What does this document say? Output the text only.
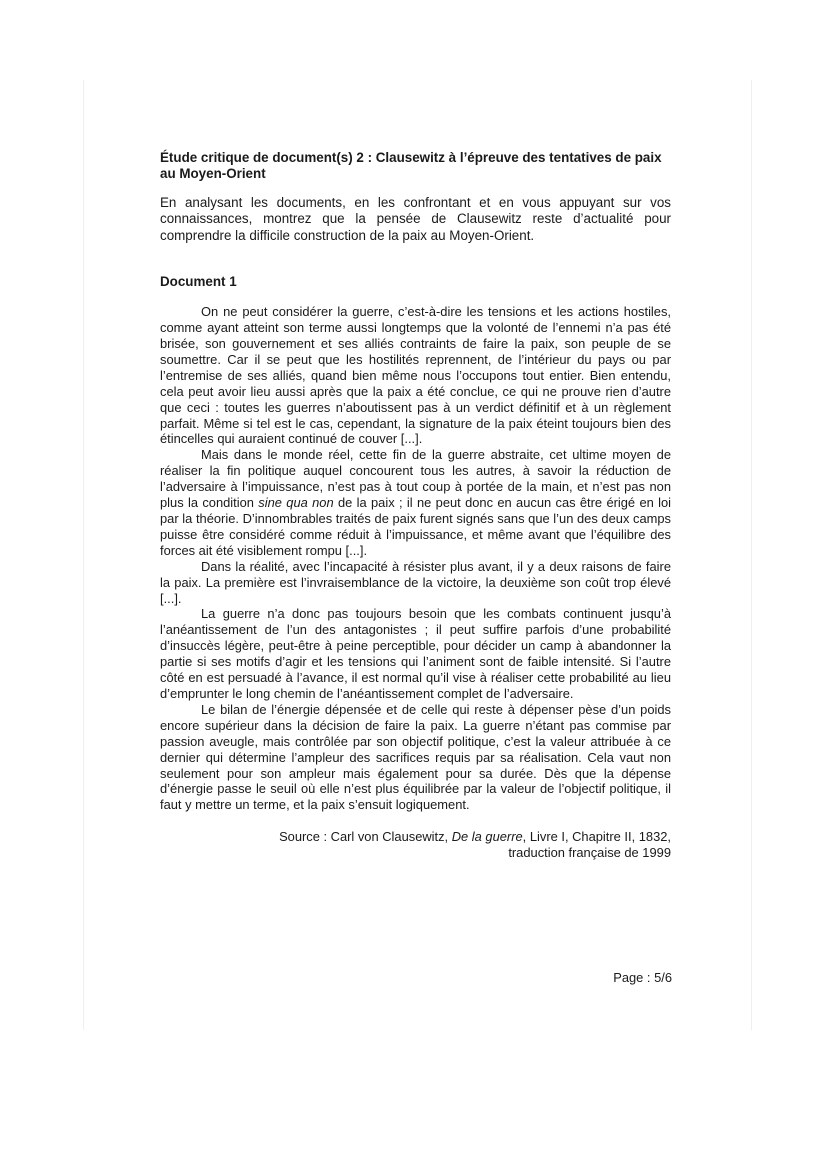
Étude critique de document(s) 2 : Clausewitz à l’épreuve des tentatives de paix au Moyen-Orient

En analysant les documents, en les confrontant et en vous appuyant sur vos connaissances, montrez que la pensée de Clausewitz reste d’actualité pour comprendre la difficile construction de la paix au Moyen-Orient.

Document 1

On ne peut considérer la guerre, c’est-à-dire les tensions et les actions hostiles, comme ayant atteint son terme aussi longtemps que la volonté de l’ennemi n’a pas été brisée, son gouvernement et ses alliés contraints de faire la paix, son peuple de se soumettre. Car il se peut que les hostilités reprennent, de l’intérieur du pays ou par l’entremise de ses alliés, quand bien même nous l’occupons tout entier. Bien entendu, cela peut avoir lieu aussi après que la paix a été conclue, ce qui ne prouve rien d’autre que ceci : toutes les guerres n’aboutissent pas à un verdict définitif et à un règlement parfait. Même si tel est le cas, cependant, la signature de la paix éteint toujours bien des étincelles qui auraient continué de couver [...].

Mais dans le monde réel, cette fin de la guerre abstraite, cet ultime moyen de réaliser la fin politique auquel concourent tous les autres, à savoir la réduction de l’adversaire à l’impuissance, n’est pas à tout coup à portée de la main, et n’est pas non plus la condition sine qua non de la paix ; il ne peut donc en aucun cas être érigé en loi par la théorie. D’innombrables traités de paix furent signés sans que l’un des deux camps puisse être considéré comme réduit à l’impuissance, et même avant que l’équilibre des forces ait été visiblement rompu [...].

Dans la réalité, avec l’incapacité à résister plus avant, il y a deux raisons de faire la paix. La première est l’invraisemblance de la victoire, la deuxième son coût trop élevé [...].

La guerre n’a donc pas toujours besoin que les combats continuent jusqu’à l’anéantissement de l’un des antagonistes ; il peut suffire parfois d’une probabilité d’insuccès légère, peut-être à peine perceptible, pour décider un camp à abandonner la partie si ses motifs d’agir et les tensions qui l’animent sont de faible intensité. Si l’autre côté en est persuadé à l’avance, il est normal qu’il vise à réaliser cette probabilité au lieu d’emprunter le long chemin de l’anéantissement complet de l’adversaire.

Le bilan de l’énergie dépensée et de celle qui reste à dépenser pèse d’un poids encore supérieur dans la décision de faire la paix. La guerre n’étant pas commise par passion aveugle, mais contrôlée par son objectif politique, c’est la valeur attribuée à ce dernier qui détermine l’ampleur des sacrifices requis par sa réalisation. Cela vaut non seulement pour son ampleur mais également pour sa durée. Dès que la dépense d’énergie passe le seuil où elle n’est plus équilibrée par la valeur de l’objectif politique, il faut y mettre un terme, et la paix s’ensuit logiquement.

Source : Carl von Clausewitz, De la guerre, Livre I, Chapitre II, 1832,
traduction française de 1999
Page : 5/6
